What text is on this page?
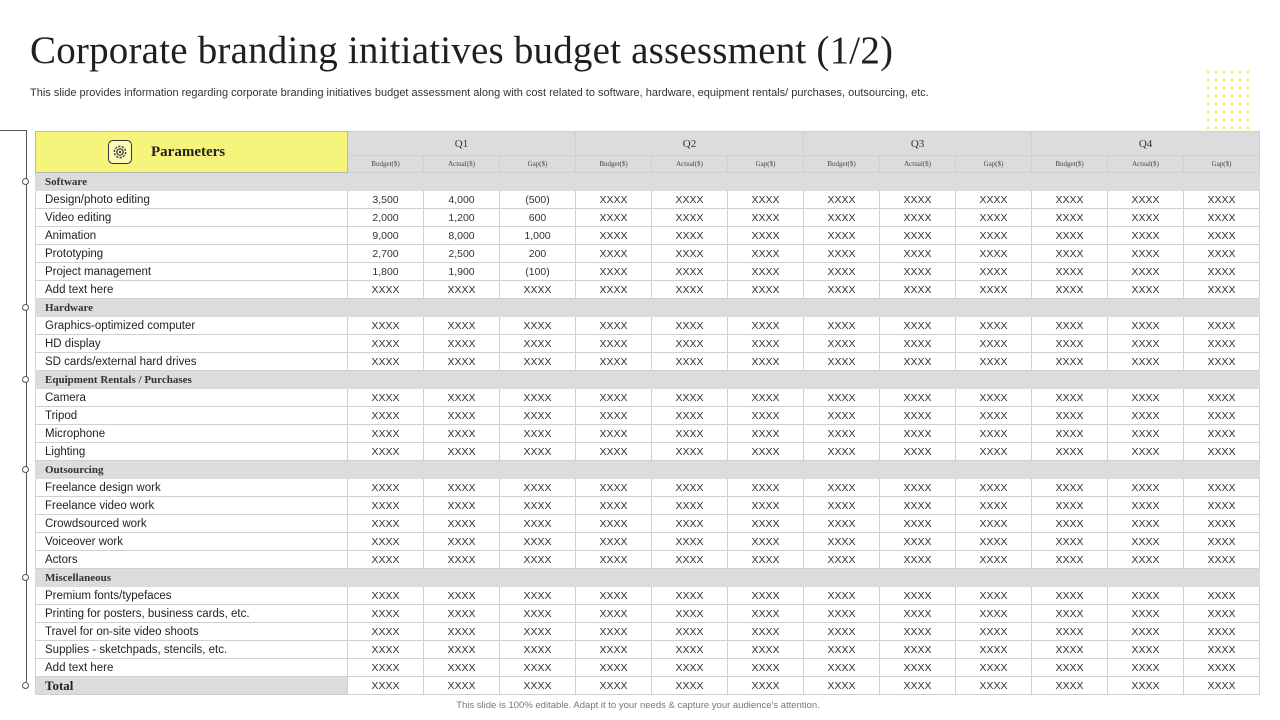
Corporate branding initiatives budget assessment (1/2)
This slide provides information regarding corporate branding initiatives budget assessment along with cost related to software, hardware, equipment rentals/ purchases, outsourcing, etc.
Parameters	Q1			Q2			Q3			Q4		
	Budget($)	Actual($)	Gap($)	Budget($)	Actual($)	Gap($)	Budget($)	Actual($)	Gap($)	Budget($)	Actual($)	Gap($)
Software												
Design/photo editing	3,500	4,000	(500)	XXXX	XXXX	XXXX	XXXX	XXXX	XXXX	XXXX	XXXX	XXXX
Video editing	2,000	1,200	600	XXXX	XXXX	XXXX	XXXX	XXXX	XXXX	XXXX	XXXX	XXXX
Animation	9,000	8,000	1,000	XXXX	XXXX	XXXX	XXXX	XXXX	XXXX	XXXX	XXXX	XXXX
Prototyping	2,700	2,500	200	XXXX	XXXX	XXXX	XXXX	XXXX	XXXX	XXXX	XXXX	XXXX
Project management	1,800	1,900	(100)	XXXX	XXXX	XXXX	XXXX	XXXX	XXXX	XXXX	XXXX	XXXX
Add text here	XXXX	XXXX	XXXX	XXXX	XXXX	XXXX	XXXX	XXXX	XXXX	XXXX	XXXX	XXXX
Hardware												
Graphics-optimized computer	XXXX	XXXX	XXXX	XXXX	XXXX	XXXX	XXXX	XXXX	XXXX	XXXX	XXXX	XXXX
HD display	XXXX	XXXX	XXXX	XXXX	XXXX	XXXX	XXXX	XXXX	XXXX	XXXX	XXXX	XXXX
SD cards/external hard drives	XXXX	XXXX	XXXX	XXXX	XXXX	XXXX	XXXX	XXXX	XXXX	XXXX	XXXX	XXXX
Equipment Rentals / Purchases												
Camera	XXXX	XXXX	XXXX	XXXX	XXXX	XXXX	XXXX	XXXX	XXXX	XXXX	XXXX	XXXX
Tripod	XXXX	XXXX	XXXX	XXXX	XXXX	XXXX	XXXX	XXXX	XXXX	XXXX	XXXX	XXXX
Microphone	XXXX	XXXX	XXXX	XXXX	XXXX	XXXX	XXXX	XXXX	XXXX	XXXX	XXXX	XXXX
Lighting	XXXX	XXXX	XXXX	XXXX	XXXX	XXXX	XXXX	XXXX	XXXX	XXXX	XXXX	XXXX
Outsourcing												
Freelance design work	XXXX	XXXX	XXXX	XXXX	XXXX	XXXX	XXXX	XXXX	XXXX	XXXX	XXXX	XXXX
Freelance video work	XXXX	XXXX	XXXX	XXXX	XXXX	XXXX	XXXX	XXXX	XXXX	XXXX	XXXX	XXXX
Crowdsourced work	XXXX	XXXX	XXXX	XXXX	XXXX	XXXX	XXXX	XXXX	XXXX	XXXX	XXXX	XXXX
Voiceover work	XXXX	XXXX	XXXX	XXXX	XXXX	XXXX	XXXX	XXXX	XXXX	XXXX	XXXX	XXXX
Actors	XXXX	XXXX	XXXX	XXXX	XXXX	XXXX	XXXX	XXXX	XXXX	XXXX	XXXX	XXXX
Miscellaneous												
Premium fonts/typefaces	XXXX	XXXX	XXXX	XXXX	XXXX	XXXX	XXXX	XXXX	XXXX	XXXX	XXXX	XXXX
Printing for posters, business cards, etc.	XXXX	XXXX	XXXX	XXXX	XXXX	XXXX	XXXX	XXXX	XXXX	XXXX	XXXX	XXXX
Travel for on-site video shoots	XXXX	XXXX	XXXX	XXXX	XXXX	XXXX	XXXX	XXXX	XXXX	XXXX	XXXX	XXXX
Supplies - sketchpads, stencils, etc.	XXXX	XXXX	XXXX	XXXX	XXXX	XXXX	XXXX	XXXX	XXXX	XXXX	XXXX	XXXX
Add text here	XXXX	XXXX	XXXX	XXXX	XXXX	XXXX	XXXX	XXXX	XXXX	XXXX	XXXX	XXXX
Total	XXXX	XXXX	XXXX	XXXX	XXXX	XXXX	XXXX	XXXX	XXXX	XXXX	XXXX	XXXX
This slide is 100% editable. Adapt it to your needs & capture your audience's attention.
